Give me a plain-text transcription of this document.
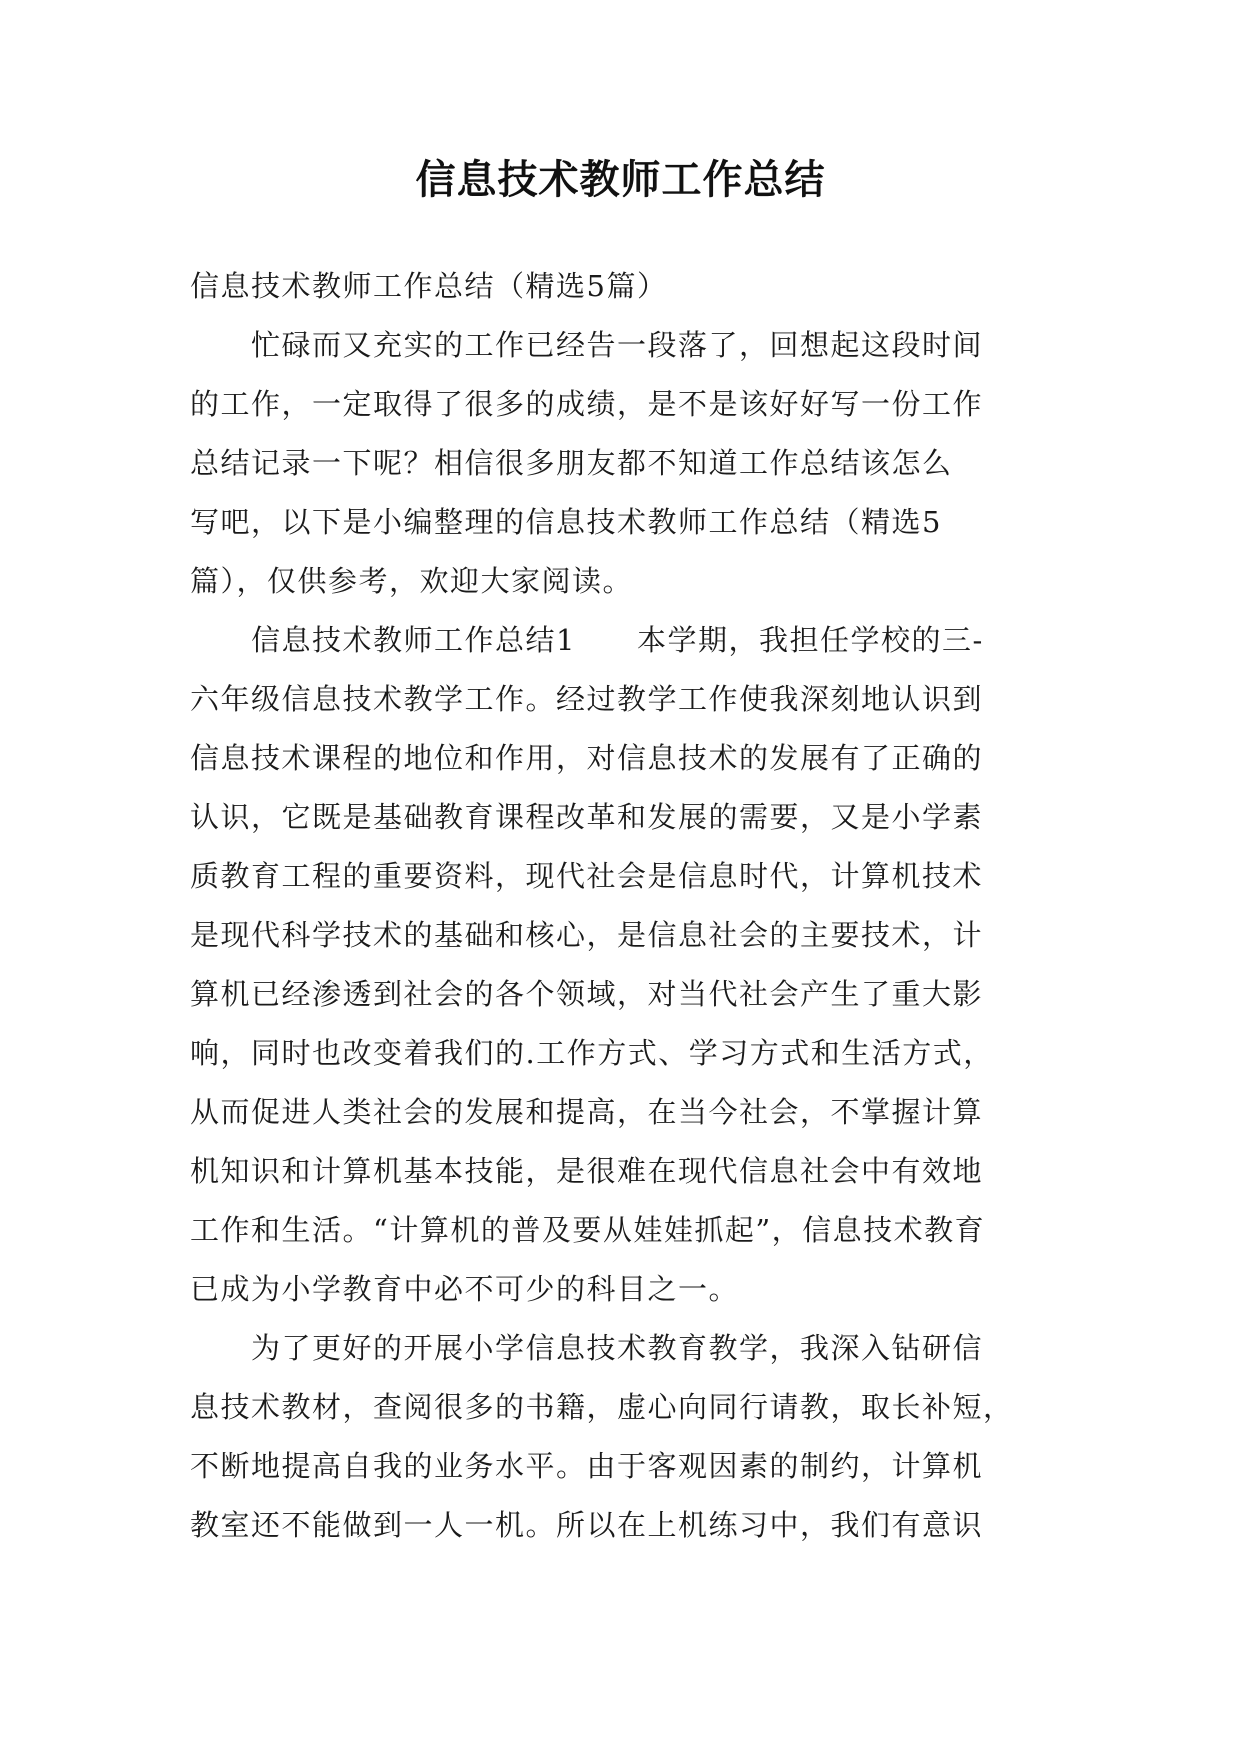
信息技术教师工作总结
信息技术教师工作总结（精选5篇）
　　忙碌而又充实的工作已经告一段落了，回想起这段时间
的工作，一定取得了很多的成绩，是不是该好好写一份工作
总结记录一下呢？相信很多朋友都不知道工作总结该怎么
写吧，以下是小编整理的信息技术教师工作总结（精选5
篇），仅供参考，欢迎大家阅读。
　　信息技术教师工作总结1　　本学期，我担任学校的三-
六年级信息技术教学工作。经过教学工作使我深刻地认识到
信息技术课程的地位和作用，对信息技术的发展有了正确的
认识，它既是基础教育课程改革和发展的需要，又是小学素
质教育工程的重要资料，现代社会是信息时代，计算机技术
是现代科学技术的基础和核心，是信息社会的主要技术，计
算机已经渗透到社会的各个领域，对当代社会产生了重大影
响，同时也改变着我们的.工作方式、学习方式和生活方式，
从而促进人类社会的发展和提高，在当今社会，不掌握计算
机知识和计算机基本技能，是很难在现代信息社会中有效地
工作和生活。“计算机的普及要从娃娃抓起”，信息技术教育
已成为小学教育中必不可少的科目之一。
　　为了更好的开展小学信息技术教育教学，我深入钻研信
息技术教材，查阅很多的书籍，虚心向同行请教，取长补短，
不断地提高自我的业务水平。由于客观因素的制约，计算机
教室还不能做到一人一机。所以在上机练习中，我们有意识
